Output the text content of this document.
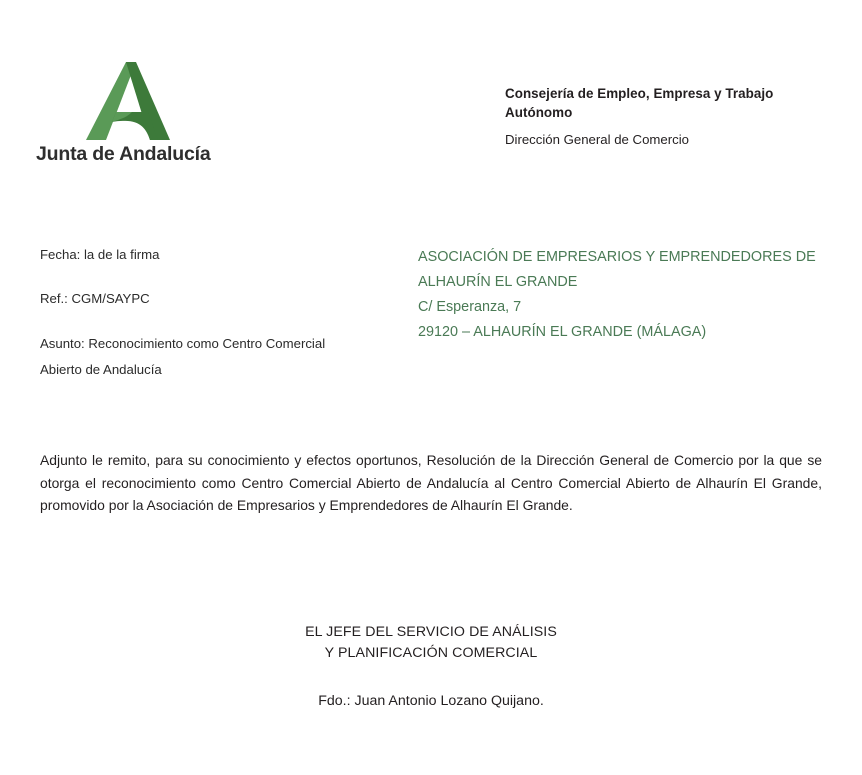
Junta de Andalucía
Consejería de Empleo, Empresa y Trabajo
Autónomo
Dirección General de Comercio
Fecha: la de la firma
Ref.: CGM/SAYPC
Asunto: Reconocimiento como Centro Comercial
Abierto de Andalucía
ASOCIACIÓN DE EMPRESARIOS Y EMPRENDEDORES DE
ALHAURÍN EL GRANDE
C/ Esperanza, 7
29120 – ALHAURÍN EL GRANDE (MÁLAGA)

Adjunto le remito, para su conocimiento y efectos oportunos, Resolución de la Dirección General de Comercio por la que se otorga el reconocimiento como Centro Comercial Abierto de Andalucía al Centro Comercial Abierto de Alhaurín El Grande, promovido por la Asociación de Empresarios y Emprendedores de Alhaurín El Grande.

EL JEFE DEL SERVICIO DE ANÁLISIS
Y PLANIFICACIÓN COMERCIAL
Fdo.: Juan Antonio Lozano Quijano.
